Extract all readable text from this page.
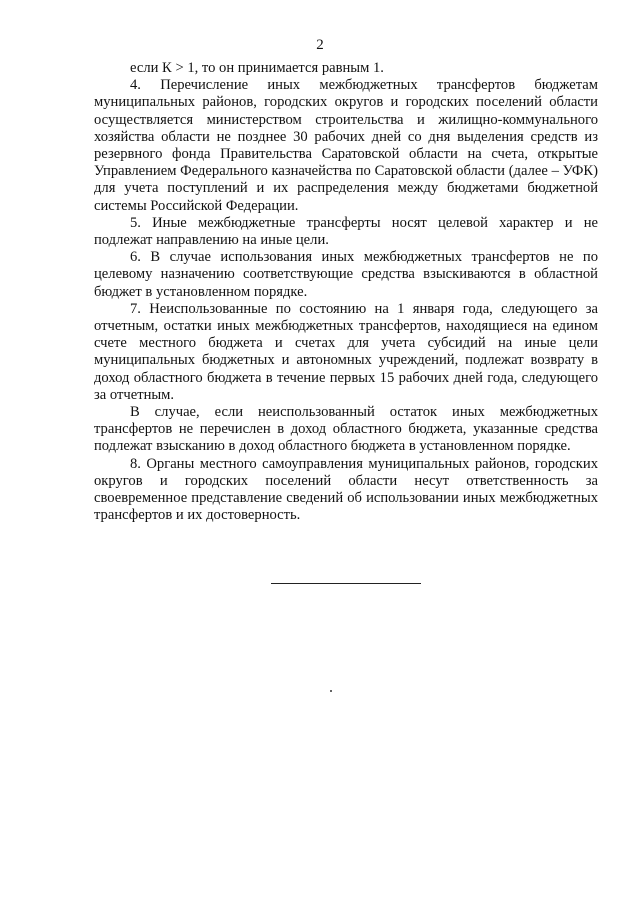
2

если К > 1, то он принимается равным 1.

4. Перечисление иных межбюджетных трансфертов бюджетам муниципальных районов, городских округов и городских поселений области осуществляется министерством строительства и жилищно-коммунального хозяйства области не позднее 30 рабочих дней со дня выделения средств из резервного фонда Правительства Саратовской области на счета, открытые Управлением Федерального казначейства по Саратовской области (далее – УФК) для учета поступлений и их распределения между бюджетами бюджетной системы Российской Федерации.

5. Иные межбюджетные трансферты носят целевой характер и не подлежат направлению на иные цели.

6. В случае использования иных межбюджетных трансфертов не по целевому назначению соответствующие средства взыскиваются в областной бюджет в установленном порядке.

7. Неиспользованные по состоянию на 1 января года, следующего за отчетным, остатки иных межбюджетных трансфертов, находящиеся на едином счете местного бюджета и счетах для учета субсидий на иные цели муниципальных бюджетных и автономных учреждений, подлежат возврату в доход областного бюджета в течение первых 15 рабочих дней года, следующего за отчетным.

В случае, если неиспользованный остаток иных межбюджетных трансфертов не перечислен в доход областного бюджета, указанные средства подлежат взысканию в доход областного бюджета в установленном порядке.

8. Органы местного самоуправления муниципальных районов, городских округов и городских поселений области несут ответственность за своевременное представление сведений об использовании иных межбюджетных трансфертов и их достоверность.
